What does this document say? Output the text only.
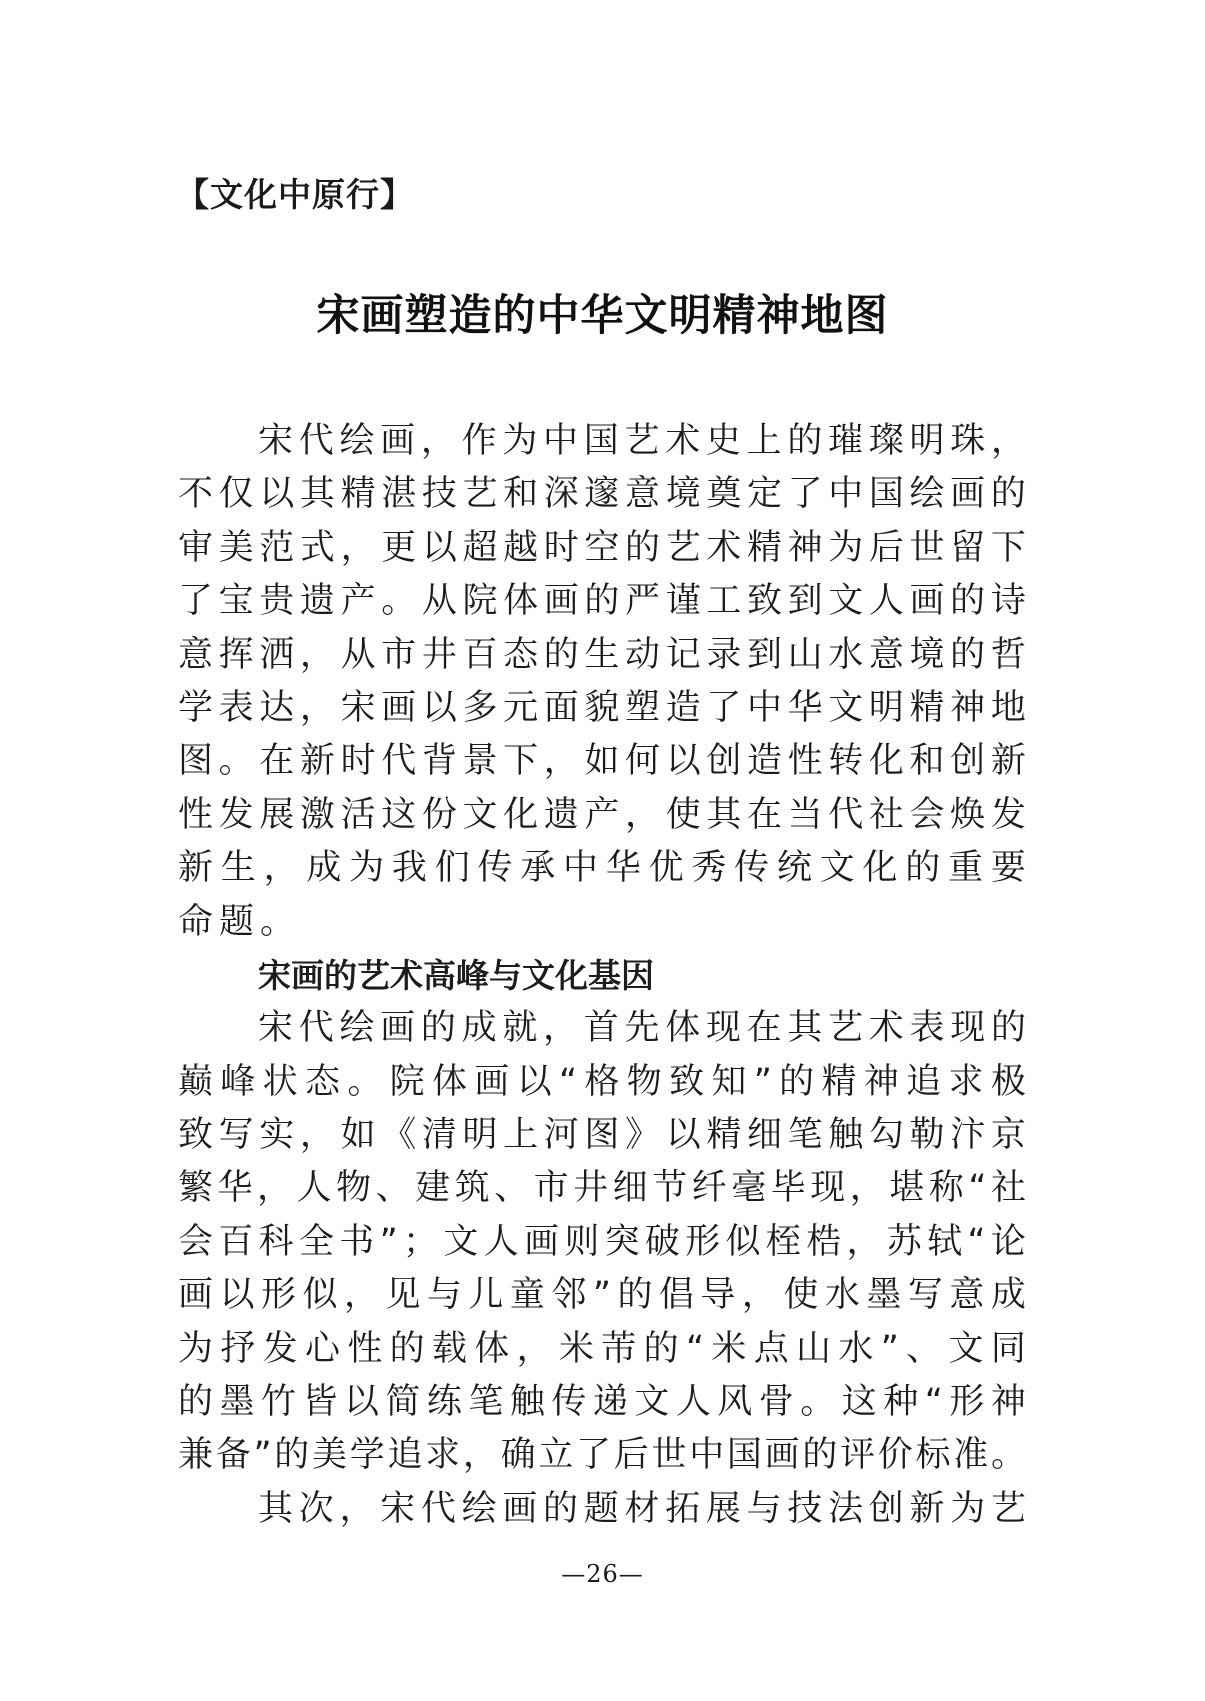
【文化中原行】
宋画塑造的中华文明精神地图
宋 代 绘 画 ， 作 为 中 国 艺 术 史 上 的 璀 璨 明 珠 ，
不 仅 以 其 精 湛 技 艺 和 深 邃 意 境 奠 定 了 中 国 绘 画 的
审 美 范 式 ， 更 以 超 越 时 空 的 艺 术 精 神 为 后 世 留 下
了 宝 贵 遗 产 。 从 院 体 画 的 严 谨 工 致 到 文 人 画 的 诗
意 挥 洒 ， 从 市 井 百 态 的 生 动 记 录 到 山 水 意 境 的 哲
学 表 达 ， 宋 画 以 多 元 面 貌 塑 造 了 中 华 文 明 精 神 地
图 。 在 新 时 代 背 景 下 ， 如 何 以 创 造 性 转 化 和 创 新
性 发 展 激 活 这 份 文 化 遗 产 ， 使 其 在 当 代 社 会 焕 发
新 生 ， 成 为 我 们 传 承 中 华 优 秀 传 统 文 化 的 重 要
命题。
宋画的艺术高峰与文化基因
宋 代 绘 画 的 成 就 ， 首 先 体 现 在 其 艺 术 表 现 的
巅 峰 状 态 。 院 体 画 以 “ 格 物 致 知 ” 的 精 神 追 求 极
致 写 实 ， 如 《 清 明 上 河 图 》 以 精 细 笔 触 勾 勒 汴 京
繁 华 ， 人 物 、 建 筑 、 市 井 细 节 纤 毫 毕 现 ， 堪 称 “ 社
会 百 科 全 书 ” ； 文 人 画 则 突 破 形 似 桎 梏 ， 苏 轼 “ 论
画 以 形 似 ， 见 与 儿 童 邻 ” 的 倡 导 ， 使 水 墨 写 意 成
为 抒 发 心 性 的 载 体 ， 米 芾 的 “ 米 点 山 水 ” 、 文 同
的 墨 竹 皆 以 简 练 笔 触 传 递 文 人 风 骨 。 这 种 “ 形 神
兼 备 ” 的 美 学 追 求 ， 确 立 了 后 世 中 国 画 的 评 价 标 准 。
其 次 ， 宋 代 绘 画 的 题 材 拓 展 与 技 法 创 新 为 艺
—26—
